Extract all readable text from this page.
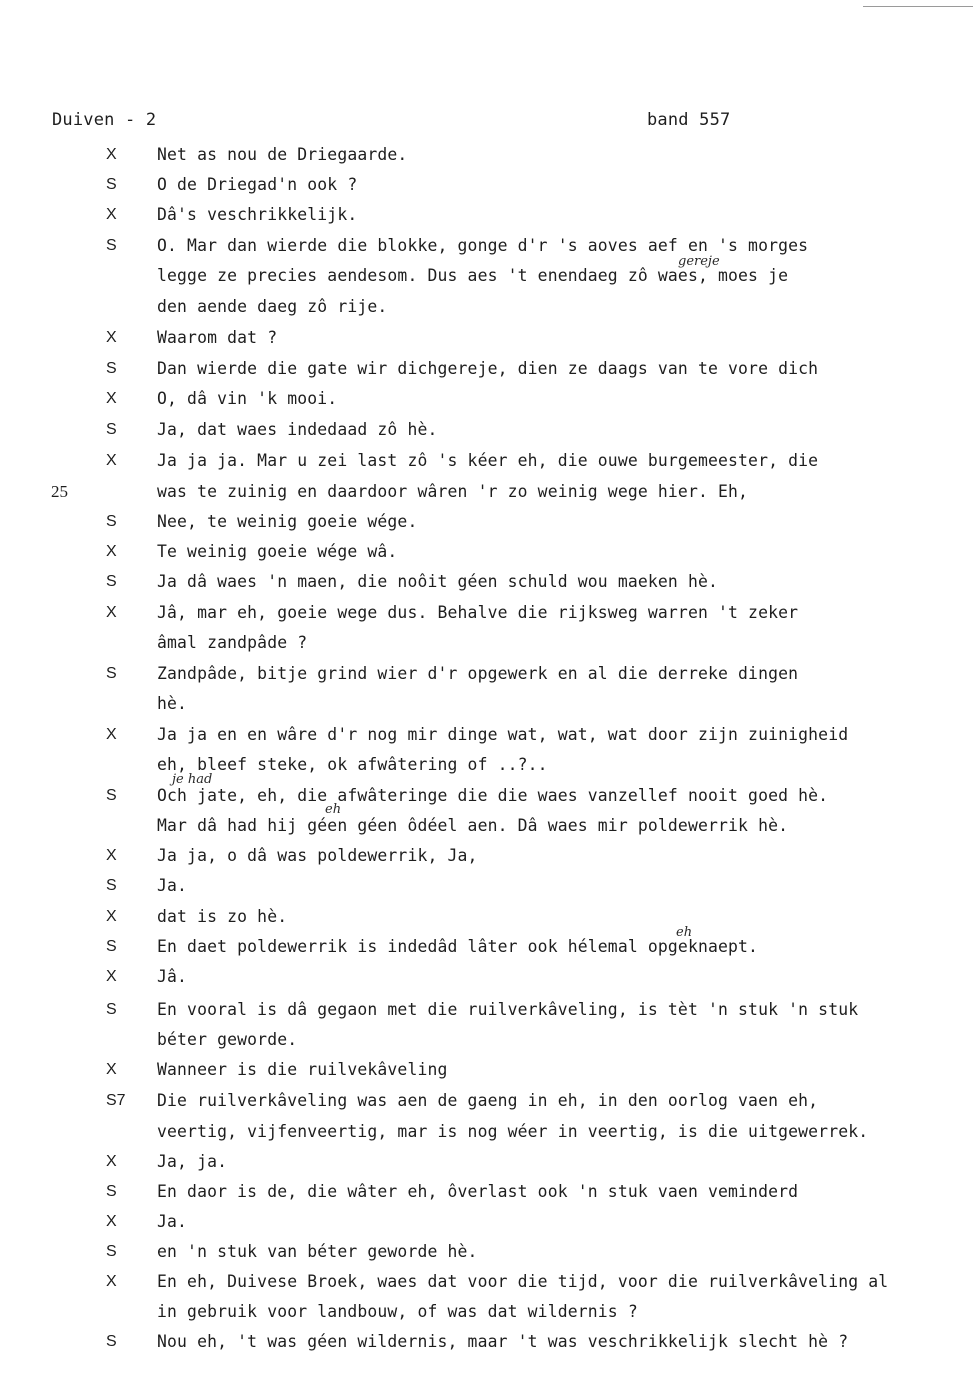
Duiven - 2	band 557
X Net as nou de Driegaarde.
S O de Driegad'n ook ?
X Dâ's veschrikkelijk.
S O. Mar dan wierde die blokke, gonge d'r 's aoves aef en 's morges
legge ze precies aendesom. Dus aes 't enendaeg zô waes, moes je
den aende daeg zô rije.
X Waarom dat ?
S Dan wierde die gate wir dichgereje, dien ze daags van te vore dich
X O, dâ vin 'k mooi.
S Ja, dat waes indedaad zô hè.
X Ja ja ja. Mar u zei last zô 's kéer eh, die ouwe burgemeester, die
25	was te zuinig en daardoor wâren 'r zo weinig wege hier. Eh,
S Nee, te weinig goeie wége.
X Te weinig goeie wége wâ.
S Ja dâ waes 'n maen, die noôit géen schuld wou maeken hè.
X Jâ, mar eh, goeie wege dus. Behalve die rijksweg warren 't zeker
âmal zandpâde ?
S Zandpâde, bitje grind wier d'r opgewerk en al die derreke dingen
hè.
X Ja ja en en wâre d'r nog mir dinge wat, wat, wat door zijn zuinigheid
eh, bleef steke, ok afwâtering of ..?..
S Och jate, eh, die afwâteringe die die waes vanzellef nooit goed hè.
Mar dâ had hij géen géen ôdéel aen. Dâ waes mir poldewerrik hè.
X Ja ja, o dâ was poldewerrik, Ja,
S Ja.
X dat is zo hè.
S En daet poldewerrik is indedâd lâter ook hélemal opgeknaept.
X Jâ.
S En vooral is dâ gegaon met die ruilverkâveling, is tèt 'n stuk 'n stuk
béter geworde.
X Wanneer is die ruilvekâveling
S7 Die ruilverkâveling was aen de gaeng in eh, in den oorlog vaen eh,
veertig, vijfenveertig, mar is nog wéer in veertig, is die uitgewerrek.
X Ja, ja.
S En daor is de, die wâter eh, ôverlast ook 'n stuk vaen veminderd
X Ja.
S en 'n stuk van béter geworde hè.
X En eh, Duivese Broek, waes dat voor die tijd, voor die ruilverkâveling al
in gebruik voor landbouw, of was dat wildernis ?
S Nou eh, 't was géen wildernis, maar 't was veschrikkelijk slecht hè ?
gereje
je had
eh
eh
